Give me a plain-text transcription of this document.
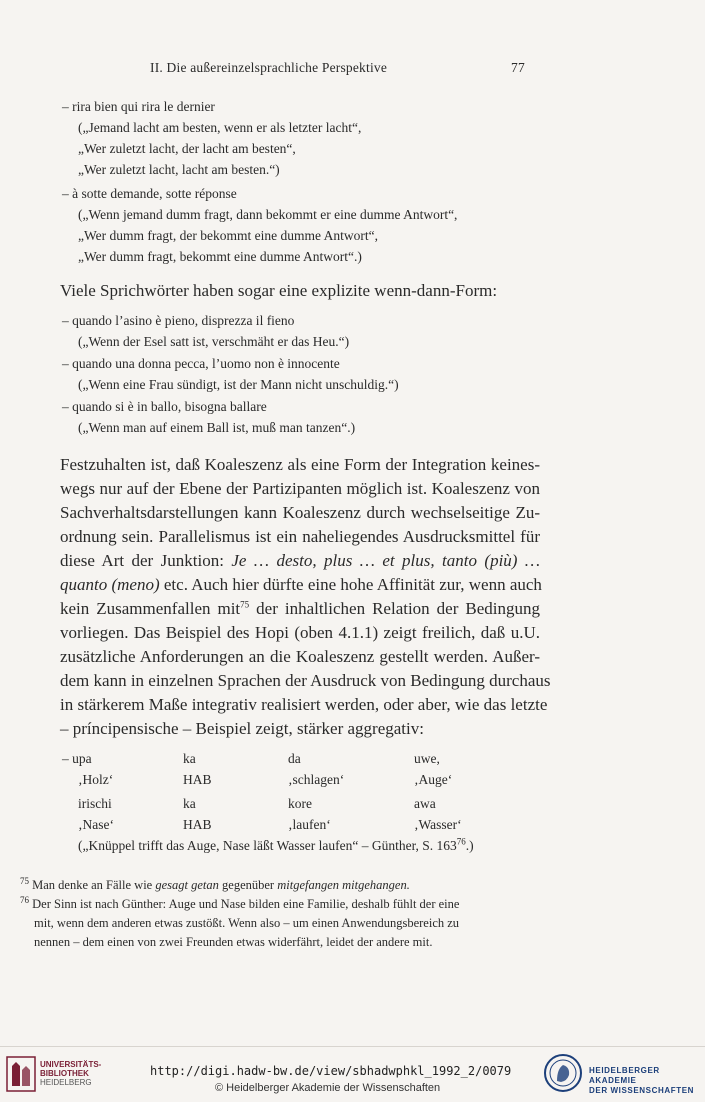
II. Die außereinzelsprachliche Perspektive	77
– rira bien qui rira le dernier
(„Jemand lacht am besten, wenn er als letzter lacht“,
„Wer zuletzt lacht, der lacht am besten“,
„Wer zuletzt lacht, lacht am besten.“)
– à sotte demande, sotte réponse
(„Wenn jemand dumm fragt, dann bekommt er eine dumme Antwort“,
„Wer dumm fragt, der bekommt eine dumme Antwort“,
„Wer dumm fragt, bekommt eine dumme Antwort“.)
Viele Sprichwörter haben sogar eine explizite wenn-dann-Form:
– quando l’asino è pieno, disprezza il fieno
(„Wenn der Esel satt ist, verschmäht er das Heu.“)
– quando una donna pecca, l’uomo non è innocente
(„Wenn eine Frau sündigt, ist der Mann nicht unschuldig.“)
– quando si è in ballo, bisogna ballare
(„Wenn man auf einem Ball ist, muß man tanzen“.)
Festzuhalten ist, daß Koaleszenz als eine Form der Integration keines-
wegs nur auf der Ebene der Partizipanten möglich ist. Koaleszenz von
Sachverhaltsdarstellungen kann Koaleszenz durch wechselseitige Zu-
ordnung sein. Parallelismus ist ein naheliegendes Ausdrucksmittel für
diese Art der Junktion: Je … desto, plus … et plus, tanto (più) …
quanto (meno) etc. Auch hier dürfte eine hohe Affinität zur, wenn auch
kein Zusammenfallen mit$^{75}$ der inhaltlichen Relation der Bedingung
vorliegen. Das Beispiel des Hopi (oben 4.1.1) zeigt freilich, daß u.U.
zusätzliche Anforderungen an die Koaleszenz gestellt werden. Außer-
dem kann in einzelnen Sprachen der Ausdruck von Bedingung durchaus
in stärkerem Maße integrativ realisiert werden, oder aber, wie das letzte
– príncipensische – Beispiel zeigt, stärker aggregativ:
– upa	ka	da	uwe,
‚Holz‘	HAB	‚schlagen‘	‚Auge‘
irischi	ka	kore	awa
‚Nase‘	HAB	‚laufen‘	‚Wasser‘
(„Knüppel trifft das Auge, Nase läßt Wasser laufen“ – Günther, S. $163^{76}$.)
$^{75}$ Man denke an Fälle wie gesagt getan gegenüber mitgefangen mitgehangen.
$^{76}$ Der Sinn ist nach Günther: Auge und Nase bilden eine Familie, deshalb fühlt der eine
mit, wenn dem anderen etwas zustößt. Wenn also – um einen Anwendungsbereich zu
nennen – dem einen von zwei Freunden etwas widerfährt, leidet der andere mit.
UNIVERSITÄTS-
BIBLIOTHEK
HEIDELBERG
http://digi.hadw-bw.de/view/sbhadwphkl_1992_2/0079
© Heidelberger Akademie der Wissenschaften
HEIDELBERGER AKADEMIE
DER WISSENSCHAFTEN
